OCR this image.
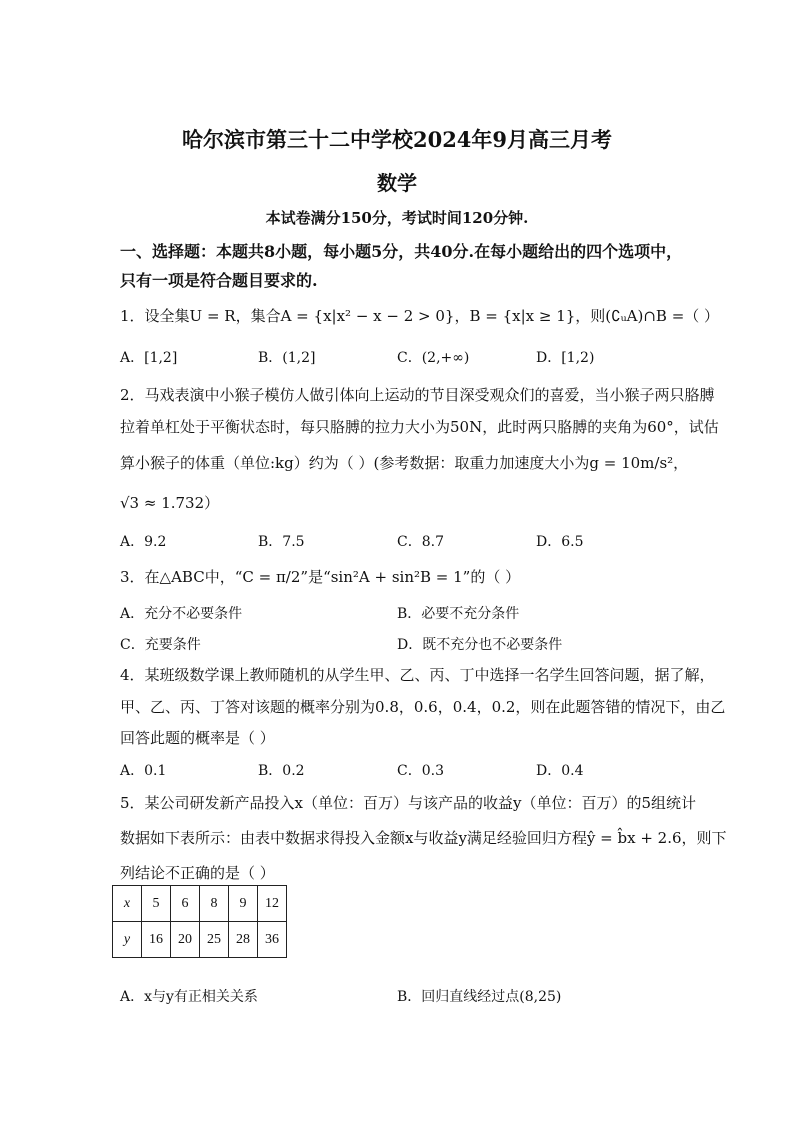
哈尔滨市第三十二中学校2024年9月高三月考
数学
本试卷满分150分，考试时间120分钟.
一、选择题：本题共8小题，每小题5分，共40分.在每小题给出的四个选项中，
只有一项是符合题目要求的.
1．设全集U = R，集合A = {x|x² − x − 2 > 0}，B = {x|x ≥ 1}，则(∁ᵤA)∩B =（ ）
A．[1,2]	B．(1,2]	C．(2,+∞)	D．[1,2)
2．马戏表演中小猴子模仿人做引体向上运动的节目深受观众们的喜爱，当小猴子两只胳膊
拉着单杠处于平衡状态时，每只胳膊的拉力大小为50N，此时两只胳膊的夹角为60°，试估
算小猴子的体重（单位:kg）约为（ ）(参考数据：取重力加速度大小为g = 10m/s²，
√3 ≈ 1.732）
A．9.2	B．7.5	C．8.7	D．6.5
3．在△ABC中，“C = π/2”是“sin²A + sin²B = 1”的（ ）
A．充分不必要条件	B．必要不充分条件
C．充要条件	D．既不充分也不必要条件
4．某班级数学课上教师随机的从学生甲、乙、丙、丁中选择一名学生回答问题，据了解，
甲、乙、丙、丁答对该题的概率分别为0.8，0.6，0.4，0.2，则在此题答错的情况下，由乙
回答此题的概率是（ ）
A．0.1	B．0.2	C．0.3	D．0.4
5．某公司研发新产品投入x（单位：百万）与该产品的收益y（单位：百万）的5组统计
数据如下表所示：由表中数据求得投入金额x与收益y满足经验回归方程ŷ = b̂x + 2.6，则下
列结论不正确的是（ ）
x	5	6	8	9	12
y	16	20	25	28	36
A．x与y有正相关关系	B．回归直线经过点(8,25)
